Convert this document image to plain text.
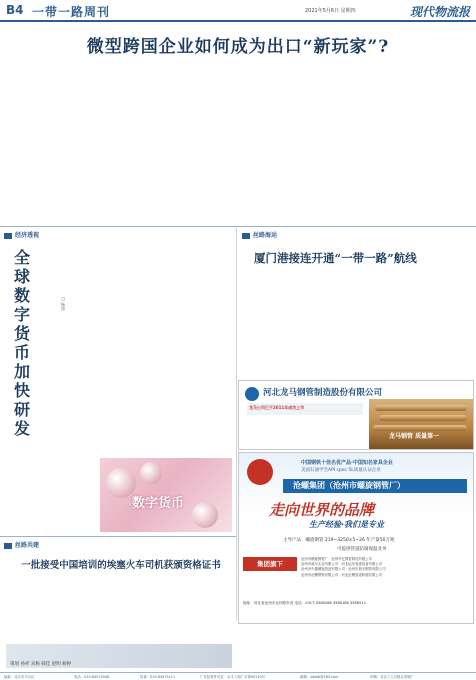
B4 一带一路周刊	2021年5月6日 星期四	现代物流报
微型跨国企业如何成为出口“新玩家”?
经济透视
全球数字货币加快研发
□ 杨涛
数字货币
丝路海运
厦门港接连开通“一带一路”航线
河北龙马钢管制造股份有限公司
龙马公司已于2011年成功上市
龙马钢管 质量第一
中国钢铁十佳名优产品·中国知名家具企业
美国石油学会API spec 5L质量认证企业
沧螺集团（沧州市螺旋钢管厂）
走向世界的品牌
生产经验·我们是专业
主导产品：螺旋钢管 219~3250×5~26 年产量50万吨
可提供管道防腐保温业务
集团旗下
沧州市螺旋钢管厂 · 沧州华亿钢管制造有限公司
沧州市威尔实业有限公司 · 河北远东管道装备有限公司
沧州市中鑫螺旋管道有限公司 · 沧州市晨光钢管有限公司
沧州市沧螺钢管有限公司 · 河北沧螺管道防腐有限公司
地址：河北省沧州市北环路东首 电话：0317-3568266 3568166 3568511
丝路共建
一批接受中国培训的埃塞火车司机获颁资格证书
策划 孙祥 宾杨 韩佳 赵明 杨婷
地址：北京市丰台区	电话：010-83575048	传真：010-83575111	广告经营许可证：京丰工商广字第00110号	邮箱：xdwlb@163.com	印刷：北京工人日报社印刷厂
